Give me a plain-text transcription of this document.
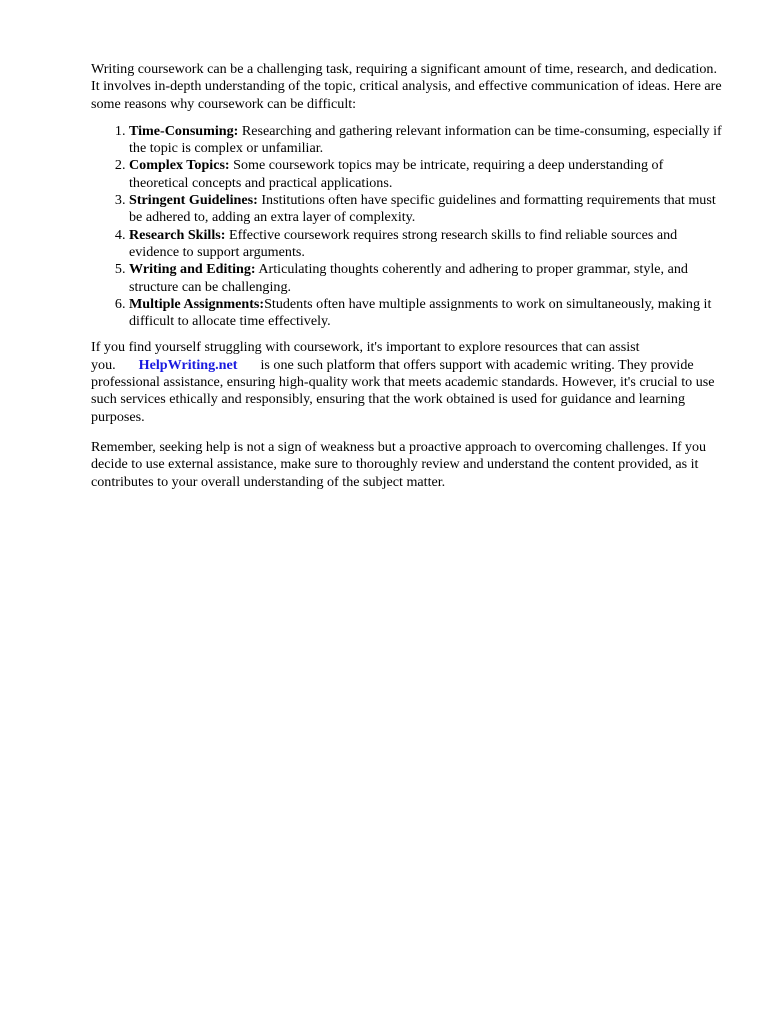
Writing coursework can be a challenging task, requiring a significant amount of time, research, and dedication. It involves in-depth understanding of the topic, critical analysis, and effective communication of ideas. Here are some reasons why coursework can be difficult:

1. Time-Consuming: Researching and gathering relevant information can be time-consuming, especially if the topic is complex or unfamiliar.
2. Complex Topics: Some coursework topics may be intricate, requiring a deep understanding of theoretical concepts and practical applications.
3. Stringent Guidelines: Institutions often have specific guidelines and formatting requirements that must be adhered to, adding an extra layer of complexity.
4. Research Skills: Effective coursework requires strong research skills to find reliable sources and evidence to support arguments.
5. Writing and Editing: Articulating thoughts coherently and adhering to proper grammar, style, and structure can be challenging.
6. Multiple Assignments:Students often have multiple assignments to work on simultaneously, making it difficult to allocate time effectively.

If you find yourself struggling with coursework, it's important to explore resources that can assist you. HelpWriting.net is one such platform that offers support with academic writing. They provide professional assistance, ensuring high-quality work that meets academic standards. However, it's crucial to use such services ethically and responsibly, ensuring that the work obtained is used for guidance and learning purposes.

Remember, seeking help is not a sign of weakness but a proactive approach to overcoming challenges. If you decide to use external assistance, make sure to thoroughly review and understand the content provided, as it contributes to your overall understanding of the subject matter.
